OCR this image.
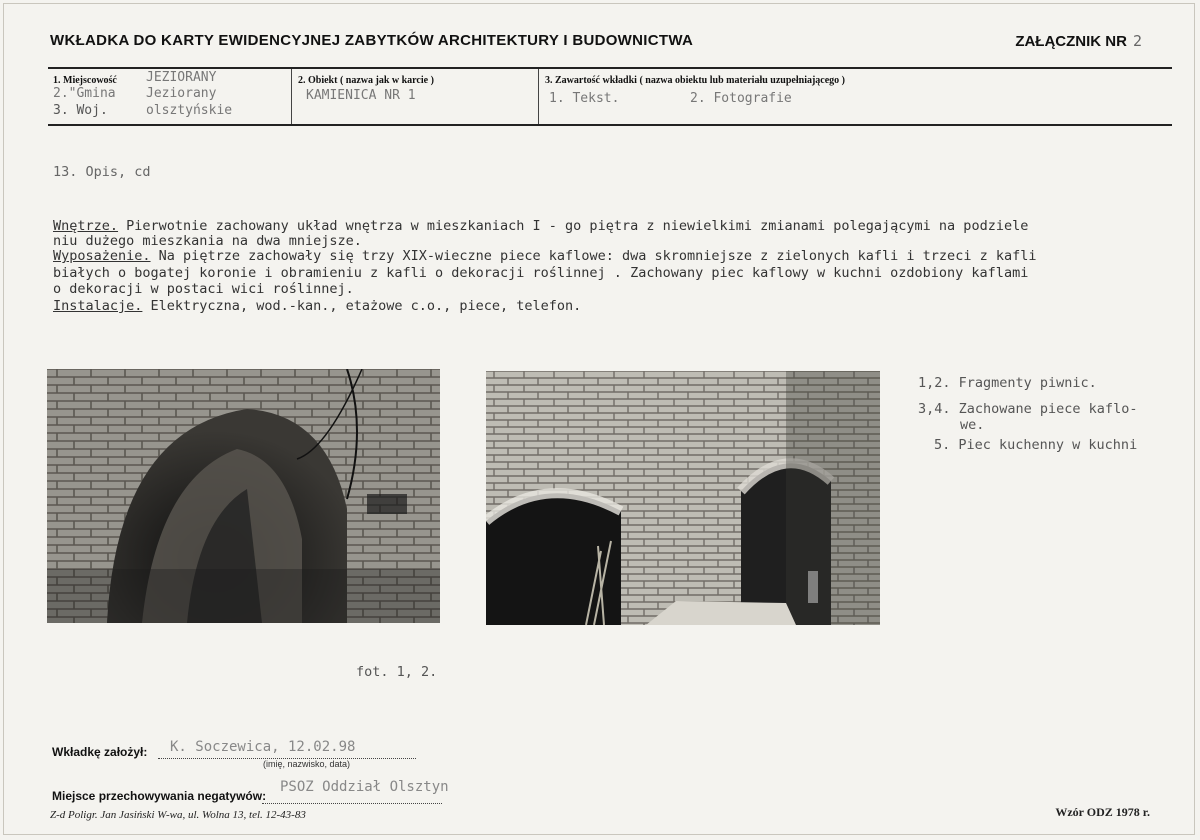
WKŁADKA DO KARTY EWIDENCYJNEJ ZABYTKÓW ARCHITEKTURY I BUDOWNICTWA	ZAŁĄCZNIK NR 2
1. Miejscowość JEZIORANY
2."Gmina Jeziorany
3. Woj.	olsztyńskie
2. Obiekt ( nazwa jak w karcie )
KAMIENICA NR 1
3. Zawartość wkładki ( nazwa obiektu lub materiału uzupełniającego )
1. Tekst.	2. Fotografie
13. Opis, cd
Wnętrze. Pierwotnie zachowany układ wnętrza w mieszkaniach I - go piętra z niewielkimi zmianami polegającymi na podziele
niu dużego mieszkania na dwa mniejsze.
Wyposażenie. Na piętrze zachowały się trzy XIX-wieczne piece kaflowe: dwa skromniejsze z zielonych kafli i trzeci z kafli
białych o bogatej koronie i obramieniu z kafli o dekoracji roślinnej . Zachowany piec kaflowy w kuchni ozdobiony kaflami
o dekoracji w postaci wici roślinnej.
Instalacje. Elektryczna, wod.-kan., etażowe c.o., piece, telefon.
1,2. Fragmenty piwnic.
3,4. Zachowane piece kaflo-
we.
5. Piec kuchenny w kuchni
fot. 1, 2.
Wkładkę założył: K. Soczewica, 12.02.98
(imię, nazwisko, data)
Miejsce przechowywania negatywów:
PSOZ Oddział Olsztyn
Z-d Poligr. Jan Jasiński W-wa, ul. Wolna 13, tel. 12-43-83	Wzór ODZ 1978 r.
